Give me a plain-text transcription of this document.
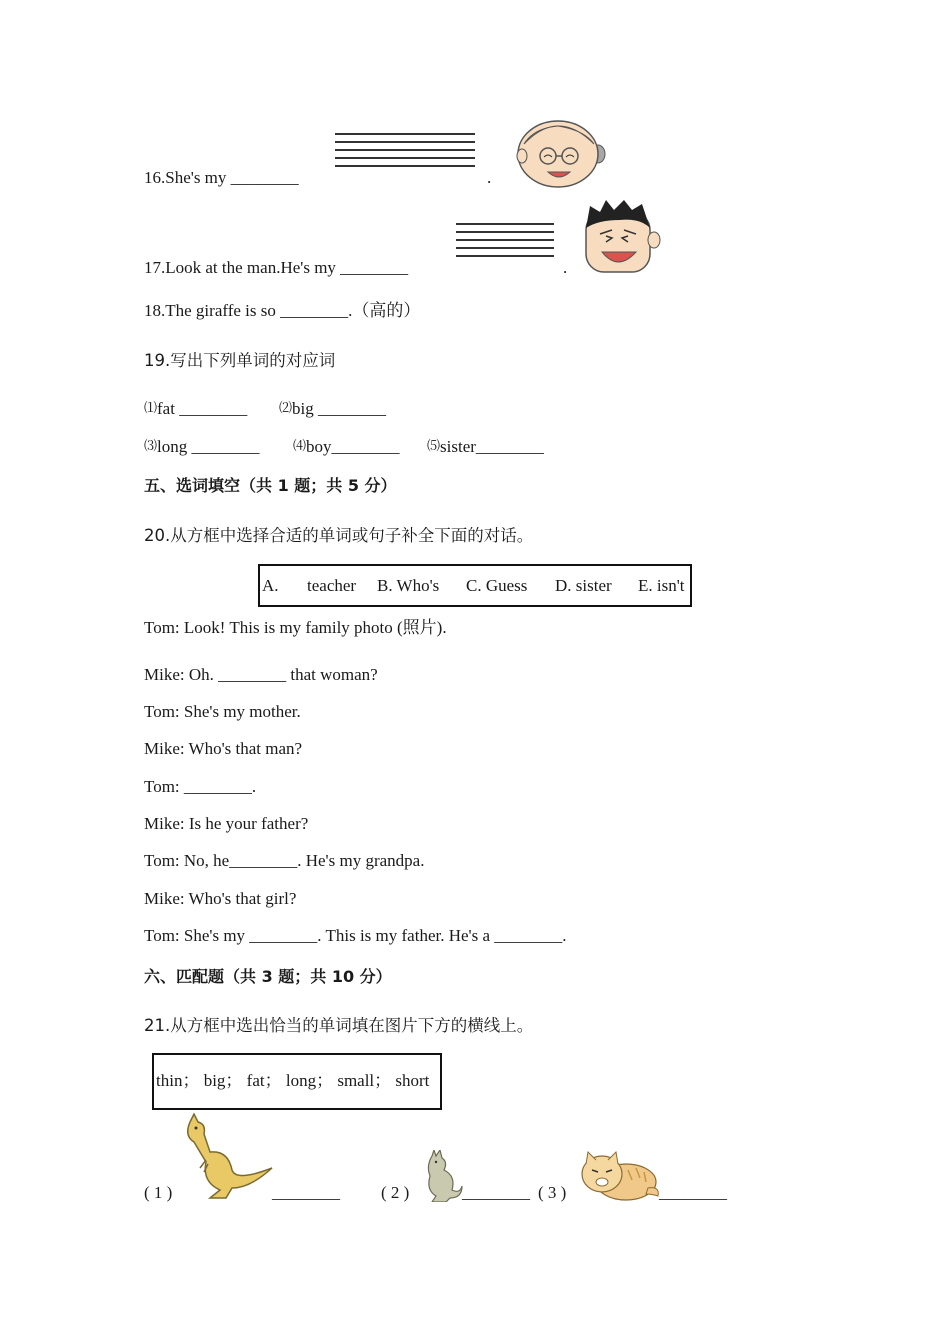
16.She's my ________	.
17.Look at the man.He's my ________	.
18.The giraffe is so ________.（高的）
19.写出下列单词的对应词
⑴fat ________ ⑵big ________
⑶long ________	⑷boy________ ⑸sister________
五、选词填空（共 1 题；共 5 分）
20.从方框中选择合适的单词或句子补全下面的对话。
A. teacher B. Who's C. Guess D. sister E. isn't
Tom: Look! This is my family photo (照片).
Mike: Oh. ________ that woman?
Tom: She's my mother.
Mike: Who's that man?
Tom: ________.
Mike: Is he your father?
Tom: No, he________. He's my grandpa.
Mike: Who's that girl?
Tom: She's my ________. This is my father. He's a ________.
六、匹配题（共 3 题；共 10 分）
21.从方框中选出恰当的单词填在图片下方的横线上。
thin； big； fat； long； small； short
( 1 )	________ ( 2 )	________ ( 3 )	________
